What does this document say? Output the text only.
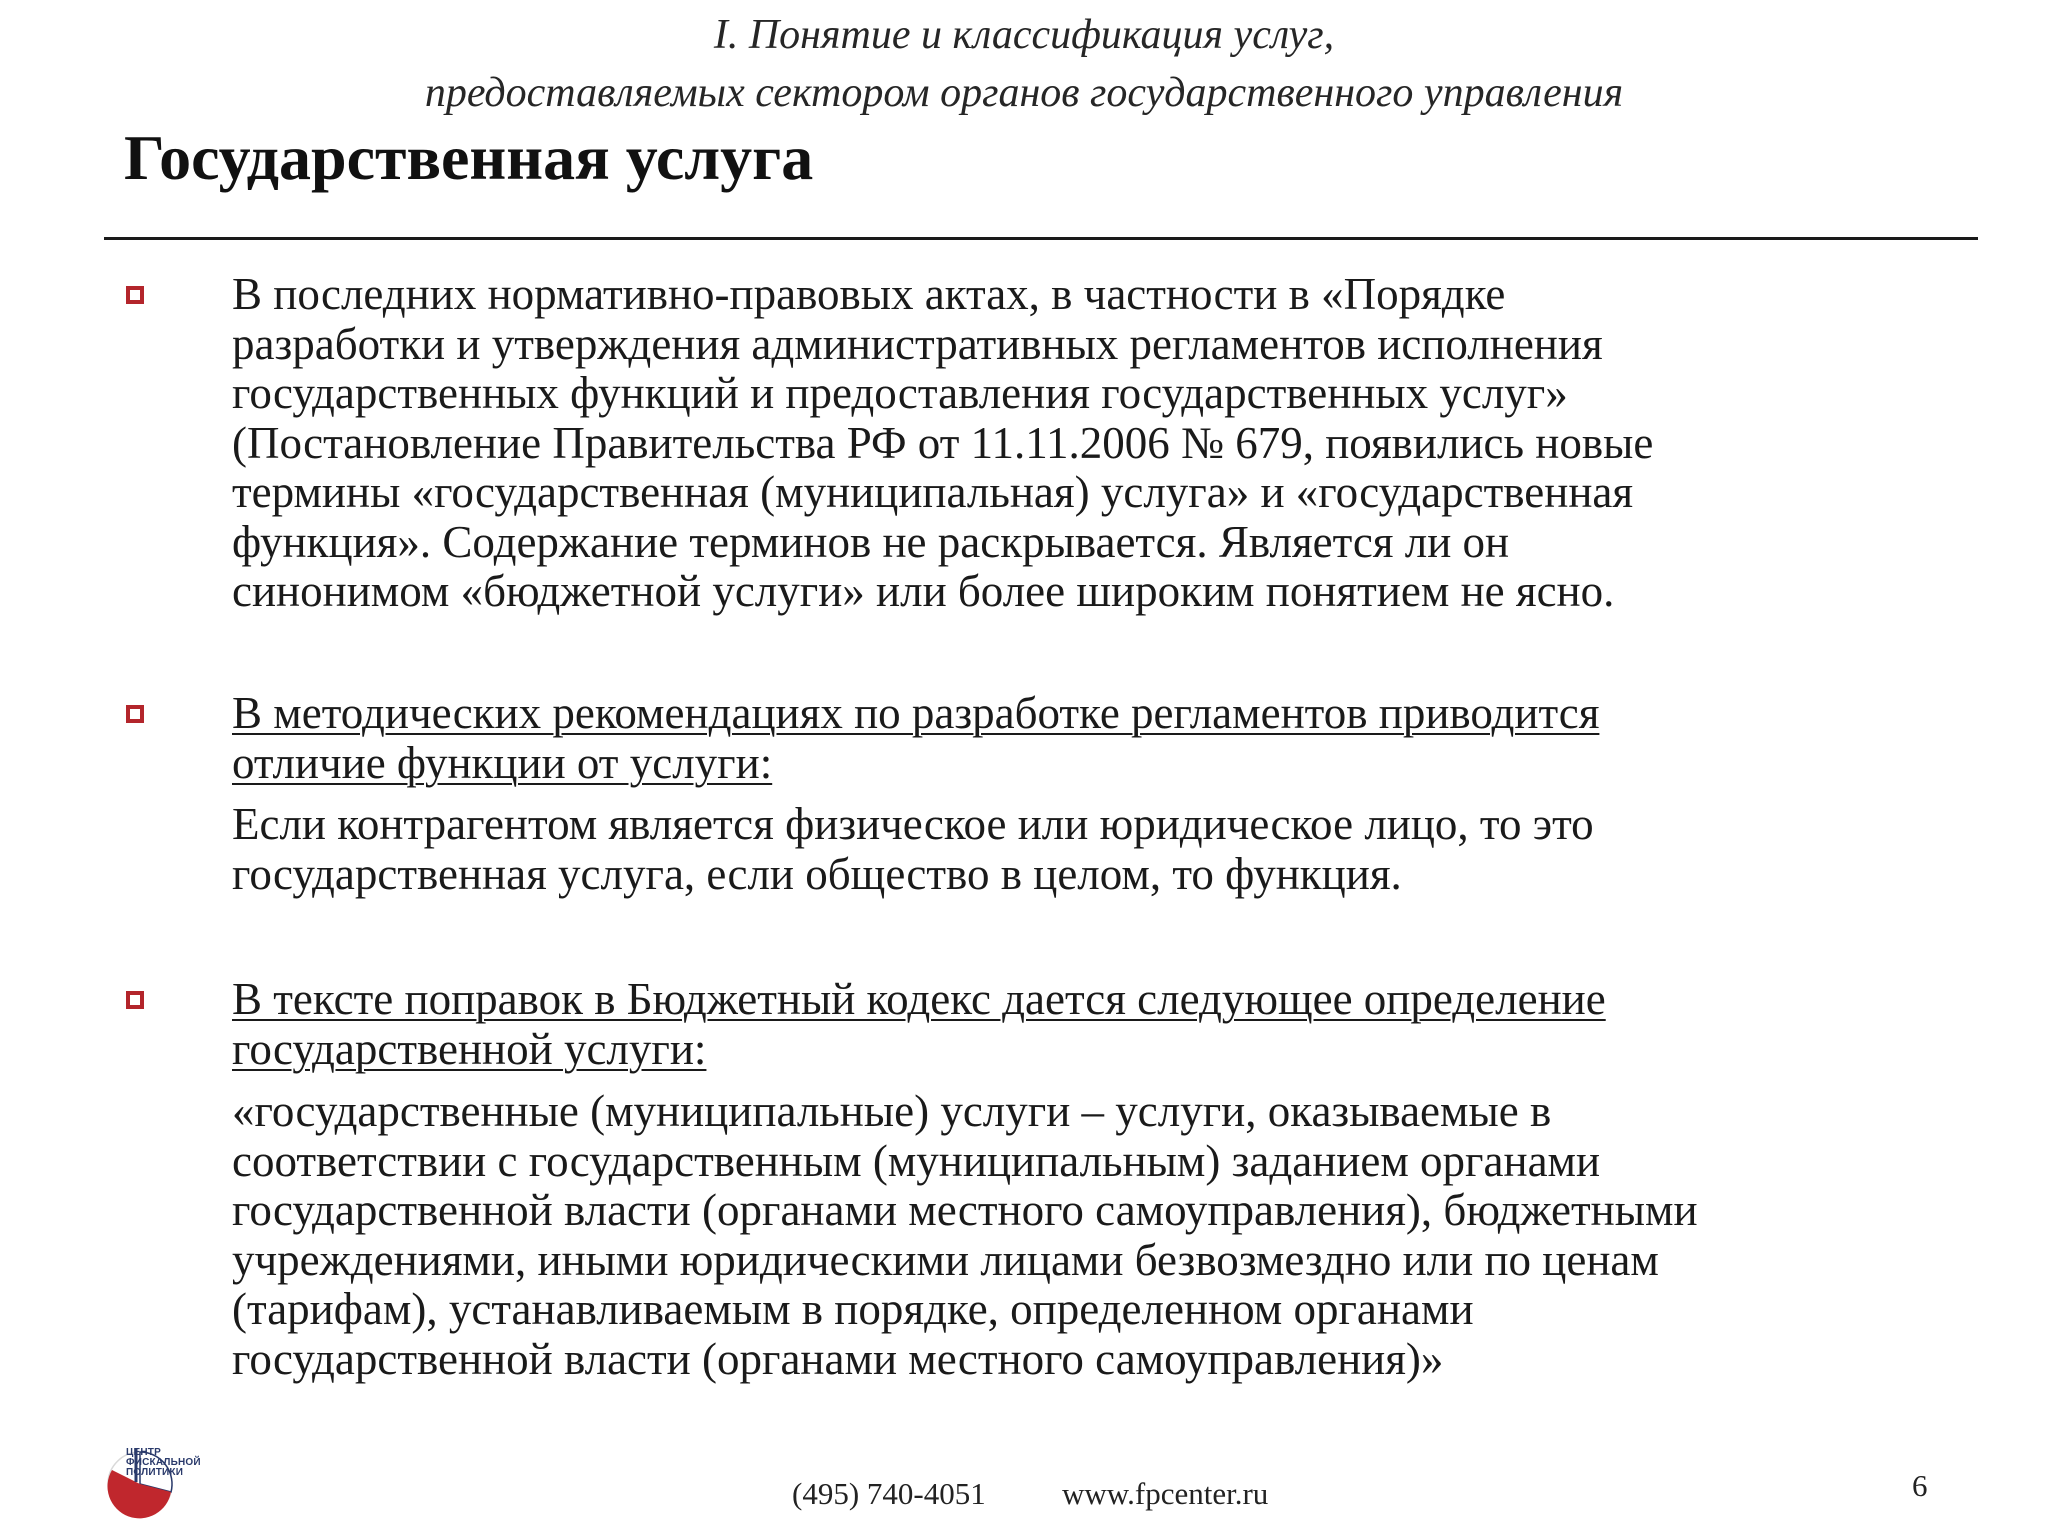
I. Понятие и классификация услуг,
предоставляемых сектором органов государственного управления
Государственная услуга
В последних нормативно-правовых актах, в частности в «Порядке
разработки и утверждения административных регламентов исполнения
государственных функций и предоставления государственных услуг»
(Постановление Правительства РФ от 11.11.2006 № 679, появились новые
термины «государственная (муниципальная) услуга» и «государственная
функция». Содержание терминов не раскрывается. Является ли он
синонимом «бюджетной услуги» или более широким понятием не ясно.
В методических рекомендациях по разработке регламентов приводится
отличие функции от услуги:
Если контрагентом является физическое или юридическое лицо, то это
государственная услуга, если общество в целом, то функция.
В тексте поправок в Бюджетный кодекс дается следующее определение
государственной услуги:
«государственные (муниципальные) услуги – услуги, оказываемые в
соответствии с государственным (муниципальным) заданием органами
государственной власти (органами местного самоуправления), бюджетными
учреждениями, иными юридическими лицами безвозмездно или по ценам
(тарифам), устанавливаемым в порядке, определенном органами
государственной власти (органами местного самоуправления)»
ЦЕНТР
ФИСКАЛЬНОЙ
ПОЛИТИКИ
(495) 740-4051 www.fpcenter.ru	6
